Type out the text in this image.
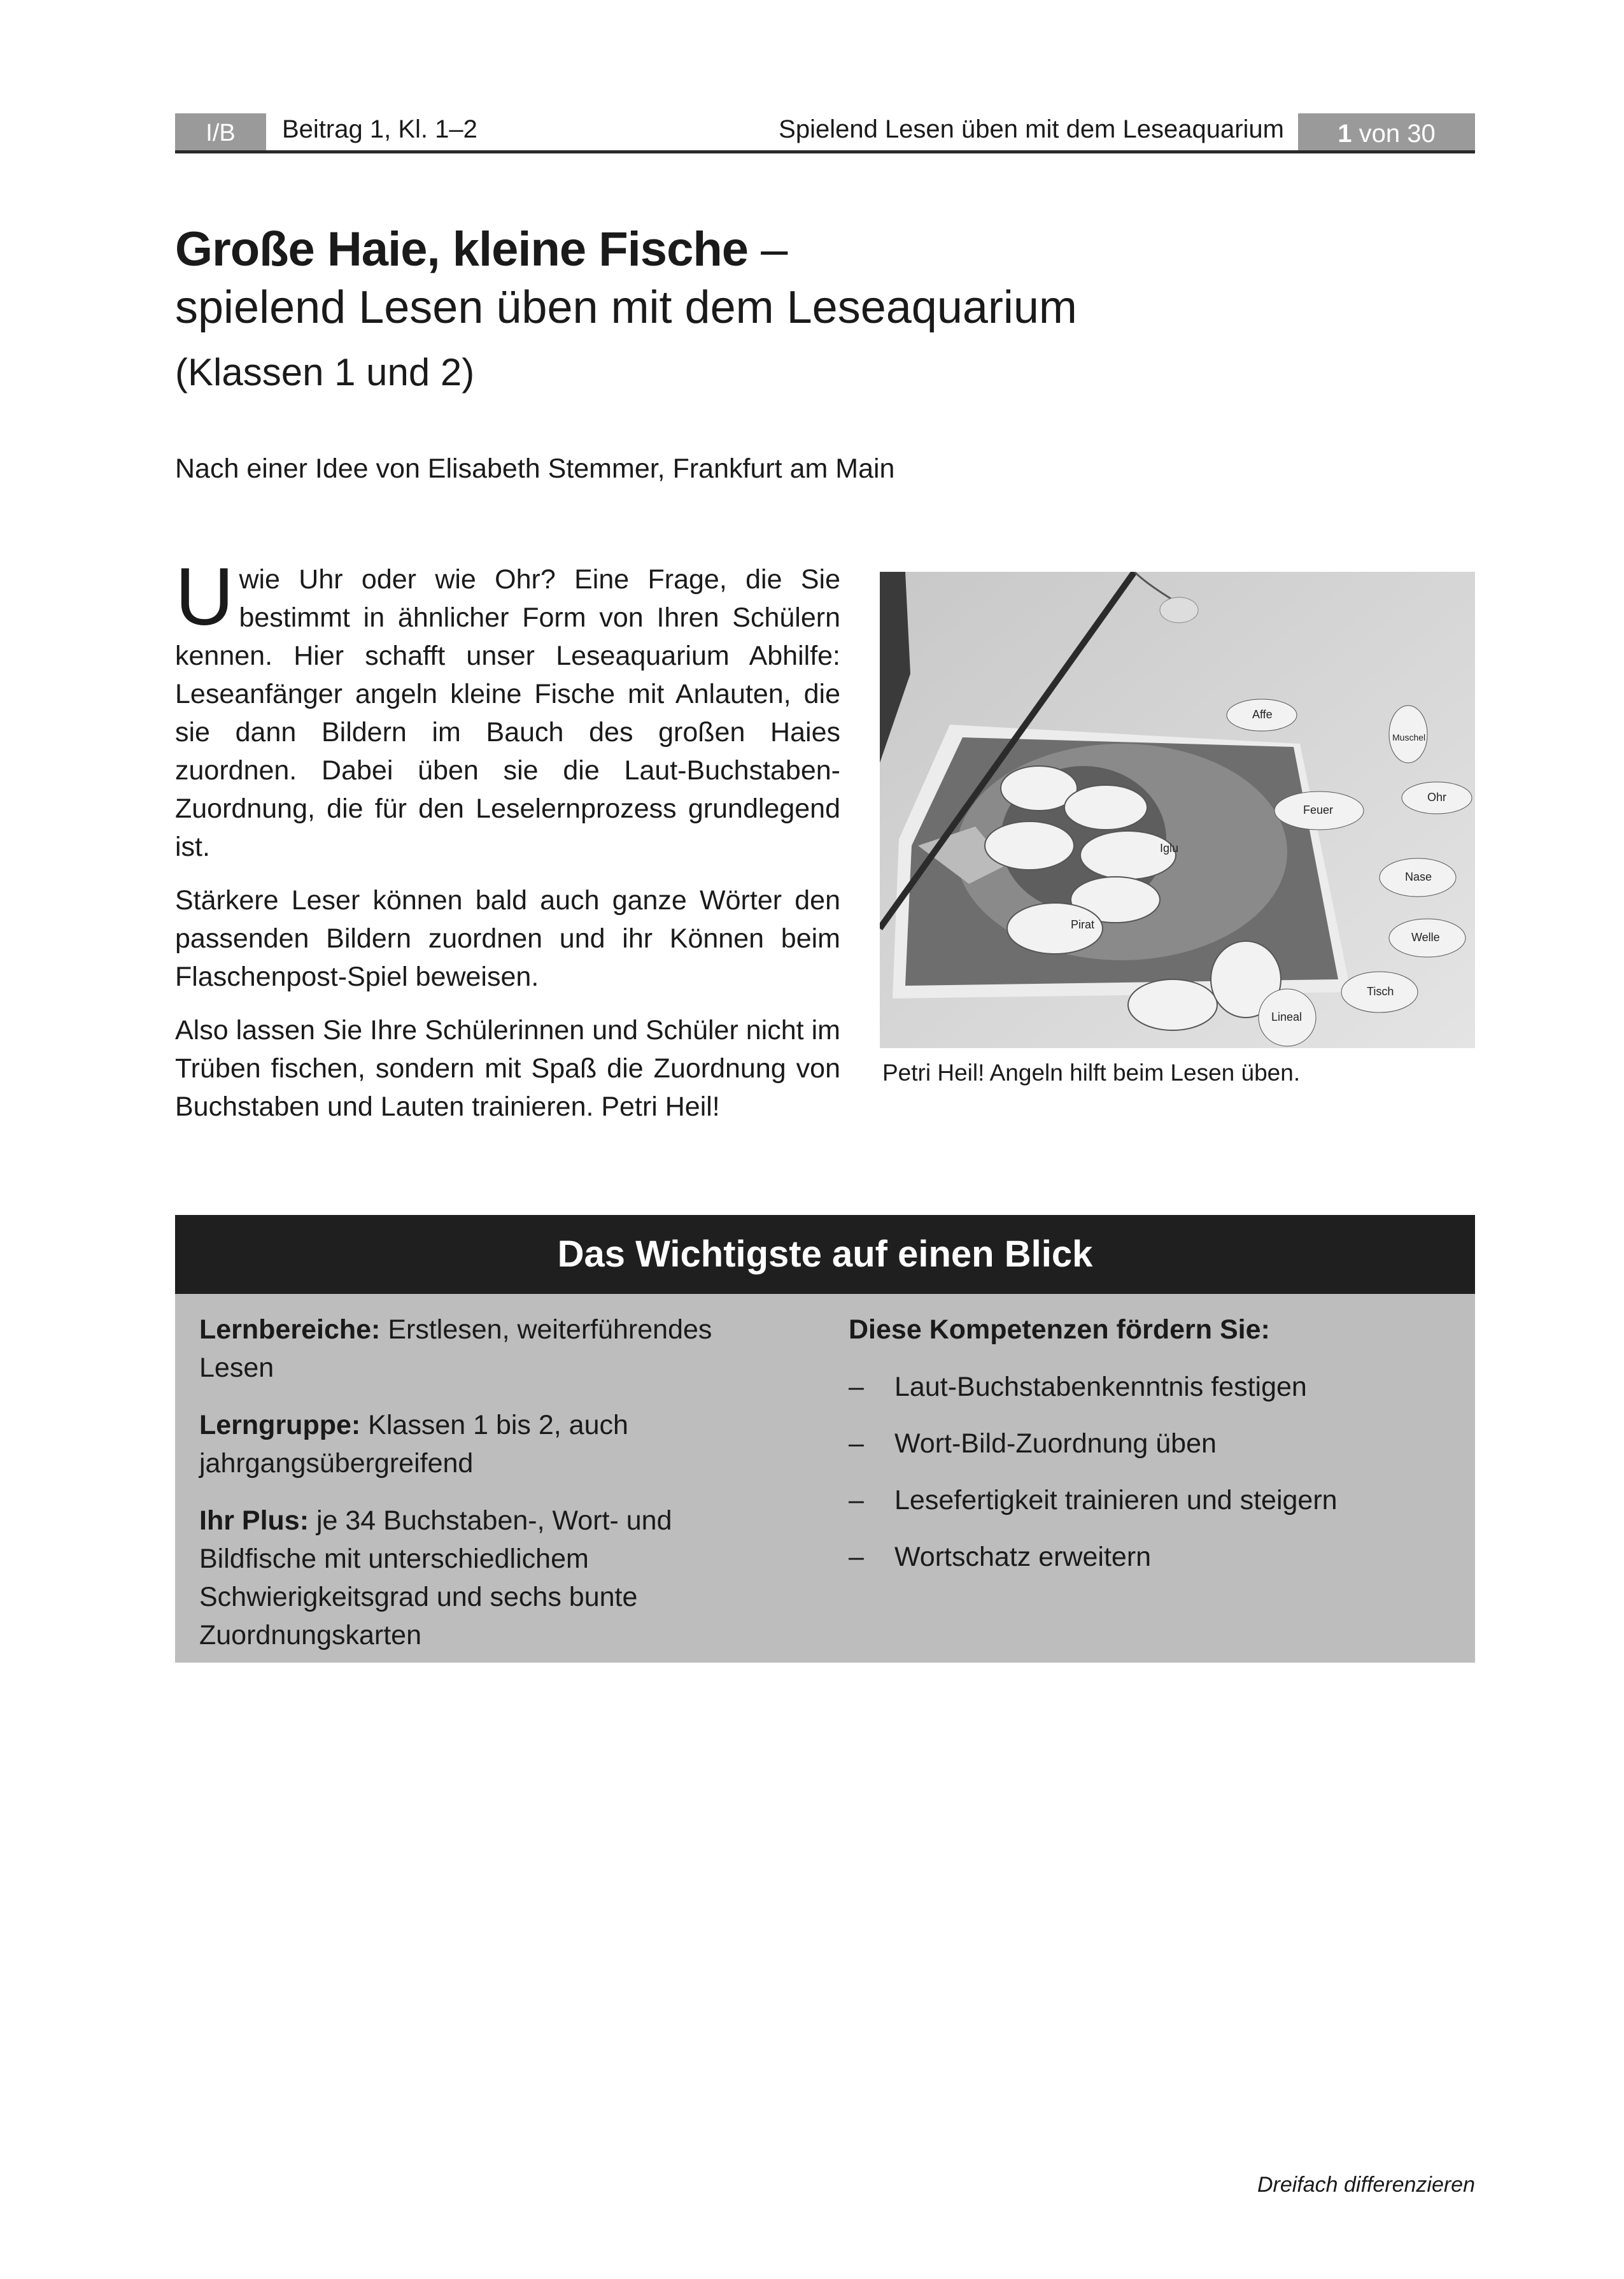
I/B	Beitrag 1, Kl. 1–2	Spielend Lesen üben mit dem Leseaquarium	1 von 30
Große Haie, kleine Fische –
spielend Lesen üben mit dem Leseaquarium
(Klassen 1 und 2)
Nach einer Idee von Elisabeth Stemmer, Frankfurt am Main

Uwie Uhr oder wie Ohr? Eine Frage, die Sie bestimmt in ähnlicher Form von Ihren Schülern kennen. Hier schafft unser Leseaquarium Abhilfe: Leseanfänger angeln kleine Fische mit Anlauten, die sie dann Bildern im Bauch des großen Haies zuordnen. Dabei üben sie die Laut-Buchstaben-Zuordnung, die für den Leselernprozess grundlegend ist.

Stärkere Leser können bald auch ganze Wörter den passenden Bildern zuordnen und ihr Können beim Flaschenpost-Spiel beweisen.

Also lassen Sie Ihre Schülerinnen und Schüler nicht im Trüben fischen, sondern mit Spaß die Zuordnung von Buchstaben und Lauten trainieren. Petri Heil!

Affe
Muschel
Ohr
Feuer
Iglu
Pirat
Nase
Welle
Tisch
Lineal
Petri Heil! Angeln hilft beim Lesen üben.
Das Wichtigste auf einen Blick

Lernbereiche: Erstlesen, weiterführendes Lesen

Lerngruppe: Klassen 1 bis 2, auch jahrgangsübergreifend

Ihr Plus: je 34 Buchstaben-, Wort- und Bildfische mit unterschiedlichem Schwierigkeitsgrad und sechs bunte Zuordnungskarten

Diese Kompetenzen fördern Sie:
– Laut-Buchstabenkenntnis festigen
– Wort-Bild-Zuordnung üben
– Lesefertigkeit trainieren und steigern
– Wortschatz erweitern
Dreifach differenzieren
